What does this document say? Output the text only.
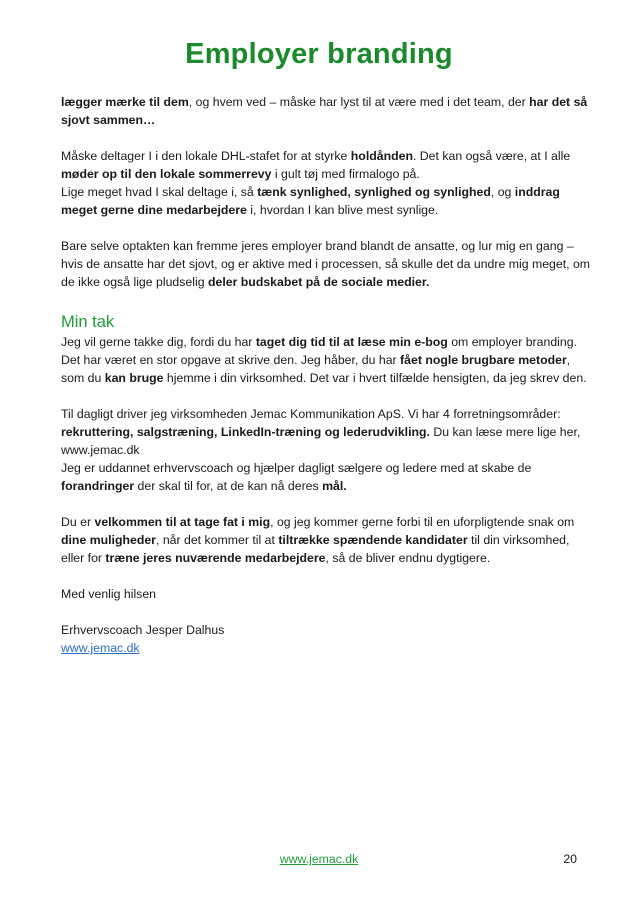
Employer branding

lægger mærke til dem, og hvem ved – måske har lyst til at være med i det team, der har det så sjovt sammen…

Måske deltager I i den lokale DHL-stafet for at styrke holdånden. Det kan også være, at I alle møder op til den lokale sommerrevy i gult tøj med firmalogo på.
Lige meget hvad I skal deltage i, så tænk synlighed, synlighed og synlighed, og inddrag meget gerne dine medarbejdere i, hvordan I kan blive mest synlige.

Bare selve optakten kan fremme jeres employer brand blandt de ansatte, og lur mig en gang – hvis de ansatte har det sjovt, og er aktive med i processen, så skulle det da undre mig meget, om de ikke også lige pludselig deler budskabet på de sociale medier.

Min tak

Jeg vil gerne takke dig, fordi du har taget dig tid til at læse min e-bog om employer branding. Det har været en stor opgave at skrive den. Jeg håber, du har fået nogle brugbare metoder, som du kan bruge hjemme i din virksomhed. Det var i hvert tilfælde hensigten, da jeg skrev den.

Til dagligt driver jeg virksomheden Jemac Kommunikation ApS. Vi har 4 forretningsområder: rekruttering, salgstræning, LinkedIn-træning og lederudvikling. Du kan læse mere lige her, www.jemac.dk
Jeg er uddannet erhvervscoach og hjælper dagligt sælgere og ledere med at skabe de forandringer der skal til for, at de kan nå deres mål.

Du er velkommen til at tage fat i mig, og jeg kommer gerne forbi til en uforpligtende snak om dine muligheder, når det kommer til at tiltrække spændende kandidater til din virksomhed, eller for træne jeres nuværende medarbejdere, så de bliver endnu dygtigere.

Med venlig hilsen

Erhvervscoach Jesper Dalhus

www.jemac.dk

www.jemac.dk	20
